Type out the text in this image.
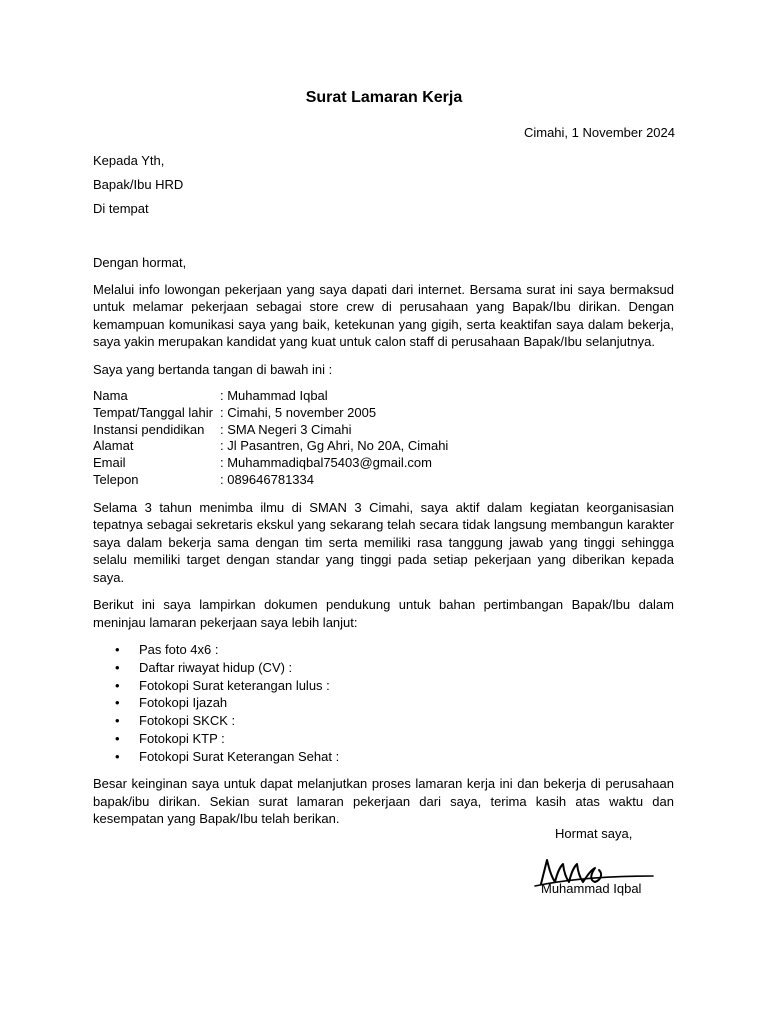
Surat Lamaran Kerja
Cimahi, 1 November 2024
Kepada Yth,
Bapak/Ibu HRD
Di tempat

Dengan hormat,

Melalui info lowongan pekerjaan yang saya dapati dari internet. Bersama surat ini saya bermaksud untuk melamar pekerjaan sebagai store crew di perusahaan yang Bapak/Ibu dirikan. Dengan kemampuan komunikasi saya yang baik, ketekunan yang gigih, serta keaktifan saya dalam bekerja, saya yakin merupakan kandidat yang kuat untuk calon staff di perusahaan Bapak/Ibu selanjutnya.

Saya yang bertanda tangan di bawah ini :

Nama	: Muhammad Iqbal
Tempat/Tanggal lahir : Cimahi, 5 november 2005
Instansi pendidikan	: SMA Negeri 3 Cimahi
Alamat	: Jl Pasantren, Gg Ahri, No 20A, Cimahi
Email	: Muhammadiqbal75403@gmail.com
Telepon	: 089646781334

Selama 3 tahun menimba ilmu di SMAN 3 Cimahi, saya aktif dalam kegiatan keorganisasian tepatnya sebagai sekretaris ekskul yang sekarang telah secara tidak langsung membangun karakter saya dalam bekerja sama dengan tim serta memiliki rasa tanggung jawab yang tinggi sehingga selalu memiliki target dengan standar yang tinggi pada setiap pekerjaan yang diberikan kepada saya.

Berikut ini saya lampirkan dokumen pendukung untuk bahan pertimbangan Bapak/Ibu dalam meninjau lamaran pekerjaan saya lebih lanjut:

• Pas foto 4x6 :
• Daftar riwayat hidup (CV) :
• Fotokopi Surat keterangan lulus :
• Fotokopi Ijazah
• Fotokopi SKCK :
• Fotokopi KTP :
• Fotokopi Surat Keterangan Sehat :

Besar keinginan saya untuk dapat melanjutkan proses lamaran kerja ini dan bekerja di perusahaan bapak/ibu dirikan. Sekian surat lamaran pekerjaan dari saya, terima kasih atas waktu dan kesempatan yang Bapak/Ibu telah berikan.

Hormat saya,
Muhammad Iqbal
